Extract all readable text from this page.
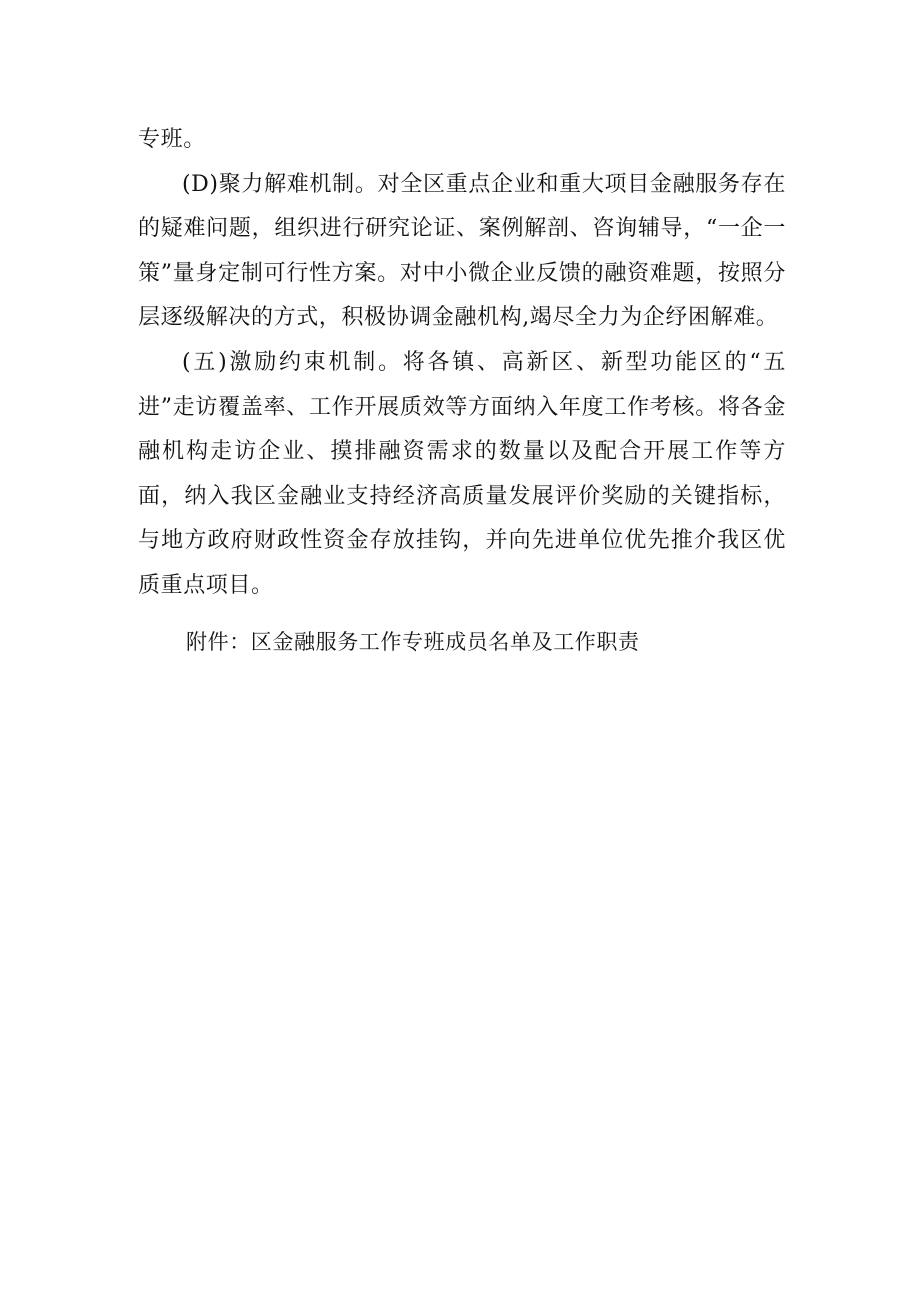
专班。

(D)聚力解难机制。对全区重点企业和重大项目金融服务存在的疑难问题，组织进行研究论证、案例解剖、咨询辅导，“一企一策”量身定制可行性方案。对中小微企业反馈的融资难题，按照分层逐级解决的方式，积极协调金融机构,竭尽全力为企纾困解难。

(五)激励约束机制。将各镇、高新区、新型功能区的“五进”走访覆盖率、工作开展质效等方面纳入年度工作考核。将各金融机构走访企业、摸排融资需求的数量以及配合开展工作等方面，纳入我区金融业支持经济高质量发展评价奖励的关键指标，与地方政府财政性资金存放挂钩，并向先进单位优先推介我区优质重点项目。

附件：区金融服务工作专班成员名单及工作职责
